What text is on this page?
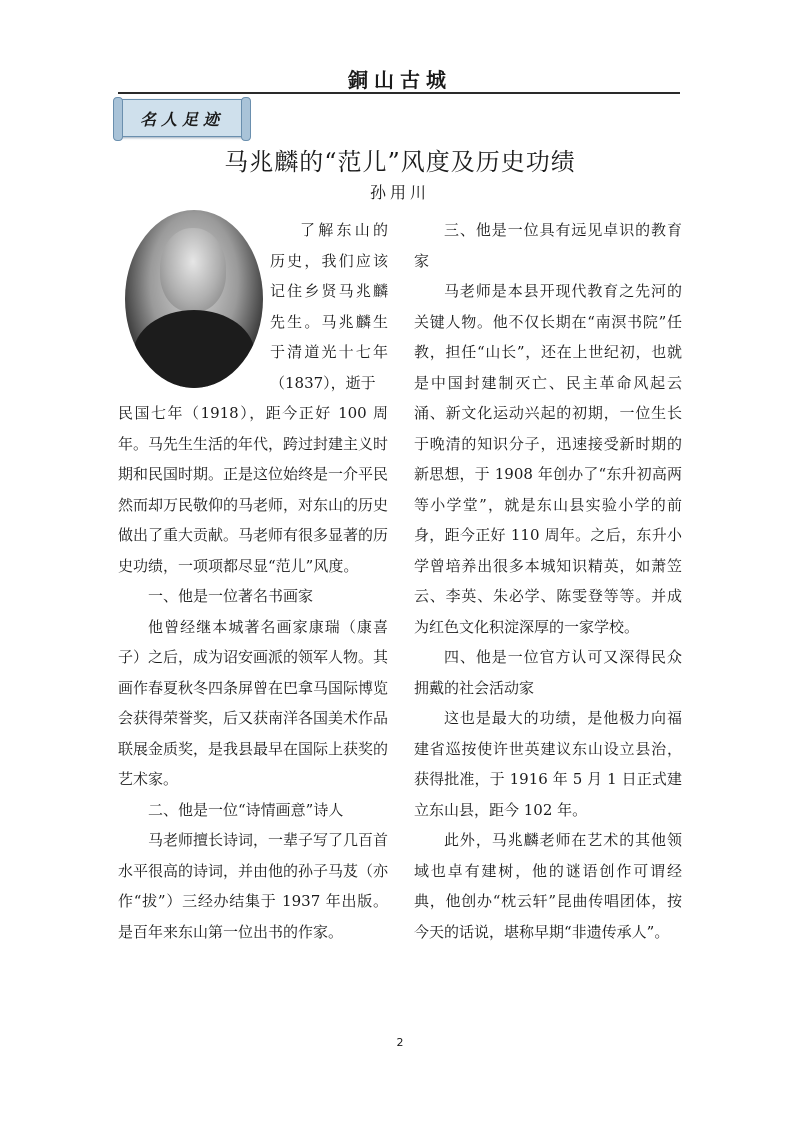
銅山古城
名人足迹
马兆麟的“范儿”风度及历史功绩
孙用川

了解东山的历史，我们应该记住乡贤马兆麟先生。马兆麟生于清道光十七年（1837），逝于

民国七年（1918），距今正好 100 周年。马先生生活的年代，跨过封建主义时期和民国时期。正是这位始终是一介平民然而却万民敬仰的马老师，对东山的历史做出了重大贡献。马老师有很多显著的历史功绩，一项项都尽显“范儿”风度。

一、他是一位著名书画家

他曾经继本城著名画家康瑞（康喜子）之后，成为诏安画派的领军人物。其画作春夏秋冬四条屏曾在巴拿马国际博览会获得荣誉奖，后又获南洋各国美术作品联展金质奖，是我县最早在国际上获奖的艺术家。

二、他是一位“诗情画意”诗人

马老师擅长诗词，一辈子写了几百首水平很高的诗词，并由他的孙子马芨（亦作“拔”）三经办结集于 1937 年出版。是百年来东山第一位出书的作家。

三、他是一位具有远见卓识的教育家

马老师是本县开现代教育之先河的关键人物。他不仅长期在“南溟书院”任教，担任“山长”，还在上世纪初，也就是中国封建制灭亡、民主革命风起云涌、新文化运动兴起的初期，一位生长于晚清的知识分子，迅速接受新时期的新思想，于 1908 年创办了“东升初高两等小学堂”，就是东山县实验小学的前身，距今正好 110 周年。之后，东升小学曾培养出很多本城知识精英，如萧笠云、李英、朱必学、陈雯登等等。并成为红色文化积淀深厚的一家学校。

四、他是一位官方认可又深得民众拥戴的社会活动家

这也是最大的功绩，是他极力向福建省巡按使许世英建议东山设立县治，获得批准，于 1916 年 5 月 1 日正式建立东山县，距今 102 年。

此外，马兆麟老师在艺术的其他领域也卓有建树，他的谜语创作可谓经典，他创办“枕云轩”昆曲传唱团体，按今天的话说，堪称早期“非遗传承人”。

2
